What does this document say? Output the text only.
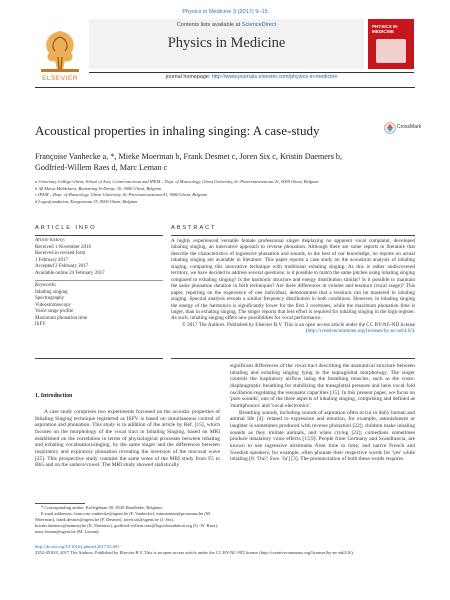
Physics in Medicine 3 (2017) 9–15
ELSEVIER
Contents lists available at ScienceDirect
Physics in Medicine
PHYSICS IN MEDICINE
journal homepage: http://www.journals.elsevier.com/physics-in-medicine
Acoustical properties in inhaling singing: A case-study	CrossMark
Françoise Vanhecke a, *, Mieke Moerman b, Frank Desmet c, Joren Six c, Kristin Daemers b,
Godfried-Willem Raes d, Marc Leman c
a University College Ghent, School of Arts, Conservatorium and IPEM – Dept. of Musicology, Ghent University, St.-Pietersnieuwstraat 41, 9000 Ghent, Belgium
b AZ Maria Middelares, Buitenring St-Denijs, 30, 9000 Ghent, Belgium
c IPEM – Dept. of Musicology, Ghent University, St.-Pietersnieuwstraat 41, 9000 Ghent, Belgium
d Logosfoundation, Kongostraat 35, 9000 Ghent, Belgium
ARTICLE INFO	ABSTRACT
Article history:
Received 1 November 2016
Received in revised form
1 February 2017
Accepted 2 February 2017
Available online 24 February 2017
Keywords:
Inhaling singing
Spectrography
Videostroboscopy
Voice range profile
Maximum phonation time
ISFV

A highly experienced versatile female professional singer displaying no apparent vocal complaint, developed inhaling singing, an innovative approach to reverse phonation. Although there are some reports in literature that describe the characteristics of ingressive phonation and sounds, to the best of our knowledge, no reports on actual inhaling singing are available in literature. This paper reports a case study on the acoustical analysis of inhaling singing, comparing this innovative technique with traditional exhaling singing. As this is rather undiscovered territory, we have decided to address several questions: is it possible to match the same pitches using inhaling singing compared to exhaling singing? Is the harmonic structure and energy distribution similar? Is it possible to maintain the same phonation duration in both techniques? Are there differences in volume and tessitura (vocal range)? This paper, reporting on the experience of one individual, demonstrates that a tessitura can be mastered in inhaling singing. Spectral analysis reveals a similar frequency distribution in both conditions. However, in inhaling singing the energy of the harmonics is significantly lower for the first 3 overtones, while the maximum phonation time is larger, than in exhaling singing. The singer reports that less effort is required for inhaling singing in the high register. As such, inhaling singing offers new possibilities for vocal performance.

© 2017 The Authors. Published by Elsevier B.V. This is an open access article under the CC BY-NC-ND license (http://creativecommons.org/licenses/by-nc-nd/4.0/).

1. Introduction

A case study comprises two experiments focussed on the acoustic properties of Inhaling Singing technique registered as ISFV is based on simultaneous control of aspiration and phonation. This study is in addition of the article by Ref. [15], which focuses on the morphology of the vocal tract in Inhaling Singing, based on MRI established on the correlation in terms of physiological processes between inhaling and exhaling vocalisation/singing, by the same singer and the differences between inspiratory and expiratory phonation revealing the inversion of the mucosal wave [25]. This prospective study contains the same notes of the MRI study from F5 to Bb5 and on the same/a/vowel. The MRI study showed statistically

significant differences of the vocal tract describing the anatomical structure between inhaling and exhaling singing lying in the supraglottal morphology. The singer controls the inspiratory airflow using the breathing muscles, such as the costo-diaphragmatic breathing for stabilizing the transglottal pressure and hens vocal fold oscillation regulating the resonator capacities [15]. In this present paper, we focus on 'pure sounds', one of the three aspects of inhaling singing, comprising and defined as 'multiphonics' and 'vocal electronics'.

Breathing sounds, including sounds of aspiration often occur in daily human and animal life [4]: related to expression and emotion, for example, astonishment or laughter is sometimes produced with reverse phonation [22]; children make inhaling sounds as they imitate animals, and when crying [22]; comedians sometimes produce inhalatory voice effects [13,9]. People from Germany and Scandinavia, are known to use ingressive airstreams from time to time; and native French and Swedish speakers, for example, often phonate their respective words for 'yes' while inhaling [8: 'Oui'; Swe. 'Ja'] [3]. The pronunciation of both these words requires

* Corresponding author. Kollegelaan 50, 8530 Harelbeke, Belgium.

E-mail addresses: francoise.vanhecke@ugent.be (F. Vanhecke), mmoerman@proximus.be (M. Moerman), frank.desmet@ugent.be (F. Desmet), joren.six@ugent.be (J. Six), kristin.daemers@azmmsj.be (K. Daemers), godfried-willem.raes@logosfoundation.org (G.-W. Raes), marc.leman@ugent.be (M. Leman).

http://dx.doi.org/10.1016/j.phmed.2017.02.001

2352-4510/© 2017 The Authors. Published by Elsevier B.V. This is an open access article under the CC BY-NC-ND license (http://creativecommons.org/licenses/by-nc-nd/4.0/).
